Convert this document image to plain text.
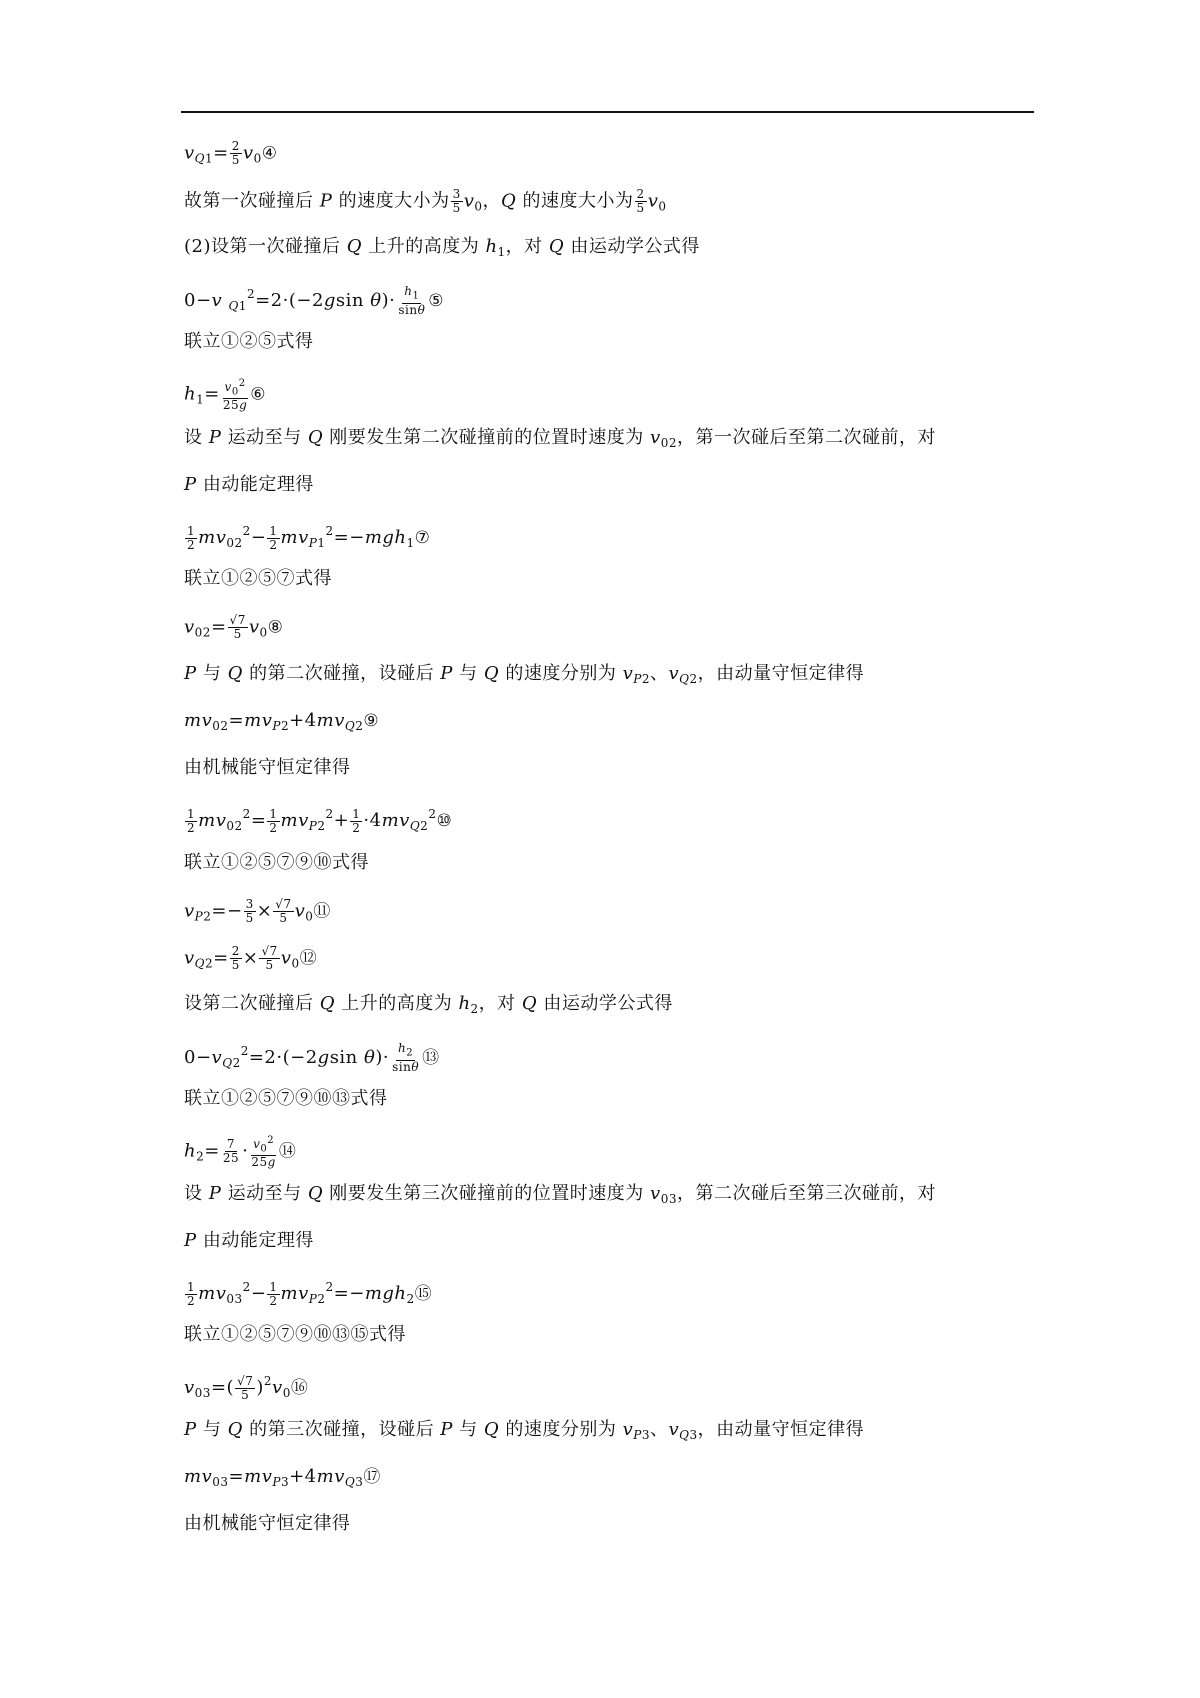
$v_{Q1}= \frac{2}{5}$ $v_0④$
故第一次碰撞后 P 的速度大小为 $\frac{3}{5} v_0$，Q 的速度大小为 $\frac{2}{5} v_0$
(2)设第一次碰撞后 Q 上升的高度为 $h_1$，对 Q 由运动学公式得
0−v $_{Q1}^2$=2·(−2gsin $\theta)\cdot \frac{h_1}{\sin\theta}$ ⑤
联立①②⑤式得
$h_1= \frac{v_0^2}{25g}$ ⑥
设 P 运动至与 Q 刚要发生第二次碰撞前的位置时速度为 $v_{02}$，第一次碰后至第二次碰前，对
P 由动能定理得
$\frac{1}{2} mv_{02}^2- \frac{1}{2}$ $mv_{P1}^2=-mgh_1⑦$
联立①②⑤⑦式得
$v_{02}= \frac{√7}{5}$ $v_0⑧$
P 与 Q 的第二次碰撞，设碰后 P 与 Q 的速度分别为 $v_{P2}$、$v_{Q2}$，由动量守恒定律得
$mv_{02}=mv_{P2}+4mv_{Q2}⑨$
由机械能守恒定律得
$\frac{1}{2} mv_{02}^2= \frac{1}{2} mv_{P2}^2+ \frac{1}{2}$ $\cdot 4mv_{Q2}^2⑩$
联立①②⑤⑦⑨⑩式得
$v_{P2}=- \frac{3}{5} \times \frac{√7}{5}$ $v_0⑪$
$v_{Q2}= \frac{2}{5} \times \frac{√7}{5}$ $v_0⑫$
设第二次碰撞后 Q 上升的高度为 $h_2$，对 Q 由运动学公式得
$0-v_{Q2}^2=2\cdot(-2gsin$ $\theta)\cdot \frac{h_2}{\sin\theta}$ ⑬
联立①②⑤⑦⑨⑩⑬式得
$h_2= \frac{7}{25} \cdot \frac{v_0^2}{25g}$ ⑭
设 P 运动至与 Q 刚要发生第三次碰撞前的位置时速度为 $v_{03}$，第二次碰后至第三次碰前，对
P 由动能定理得
$\frac{1}{2} mv_{03}^2- \frac{1}{2}$ $mv_{P2}^2=-mgh_2⑮$
联立①②⑤⑦⑨⑩⑬⑮式得
$v_{03}=( \frac{√7}{5}$ )$^2v_0⑯$
P 与 Q 的第三次碰撞，设碰后 P 与 Q 的速度分别为 $v_{P3}$、$v_{Q3}$，由动量守恒定律得
$mv_{03}=mv_{P3}+4mv_{Q3}⑰$
由机械能守恒定律得
